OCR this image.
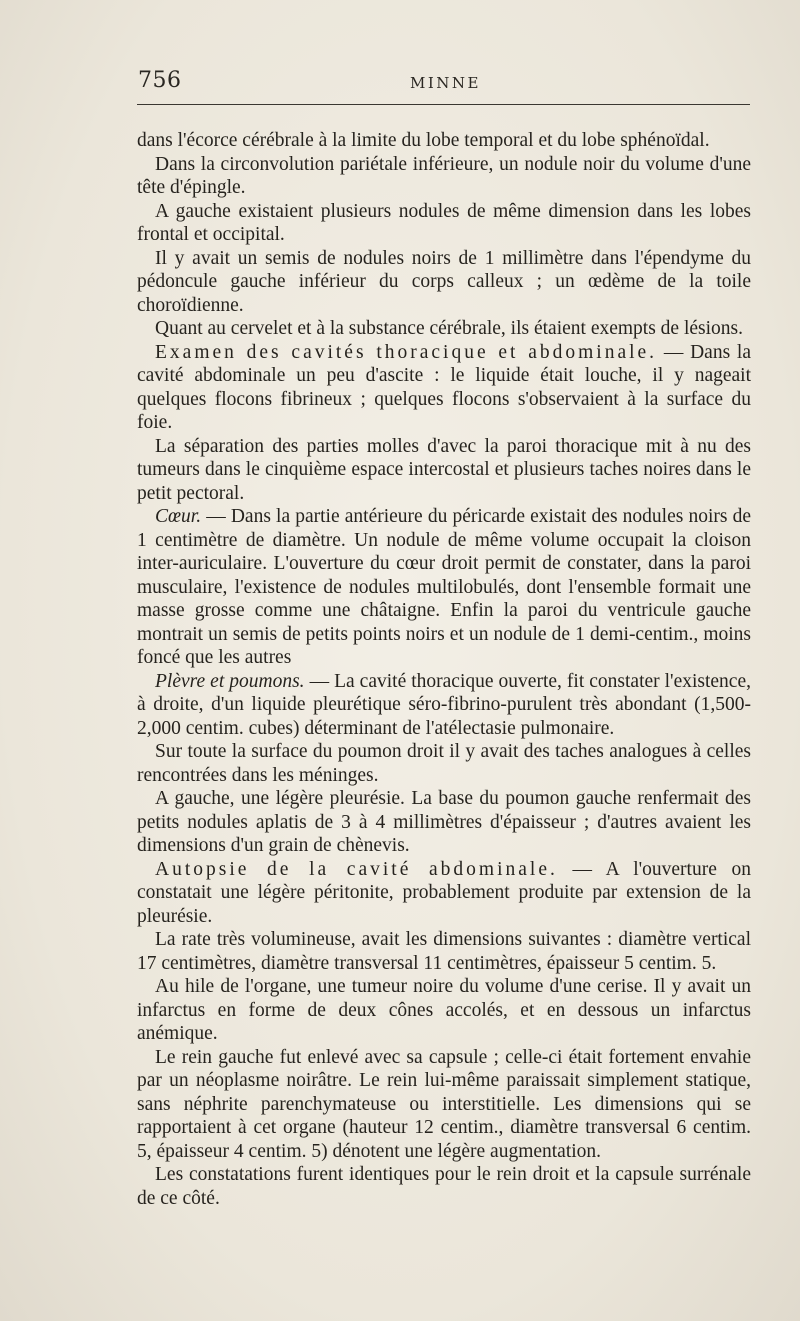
756	MINNE

dans l'écorce cérébrale à la limite du lobe temporal et du lobe sphénoïdal.

Dans la circonvolution pariétale inférieure, un nodule noir du volume d'une tête d'épingle.

A gauche existaient plusieurs nodules de même dimension dans les lobes frontal et occipital.

Il y avait un semis de nodules noirs de 1 millimètre dans l'épendyme du pédoncule gauche inférieur du corps calleux ; un œdème de la toile choroïdienne.

Quant au cervelet et à la substance cérébrale, ils étaient exempts de lésions.

Examen des cavités thoracique et abdominale. — Dans la cavité abdominale un peu d'ascite : le liquide était louche, il y nageait quelques flocons fibrineux ; quelques flocons s'observaient à la surface du foie.

La séparation des parties molles d'avec la paroi thoracique mit à nu des tumeurs dans le cinquième espace intercostal et plusieurs taches noires dans le petit pectoral.

Cœur. — Dans la partie antérieure du péricarde existait des nodules noirs de 1 centimètre de diamètre. Un nodule de même volume occupait la cloison inter-auriculaire. L'ouverture du cœur droit permit de constater, dans la paroi musculaire, l'existence de nodules multilobulés, dont l'ensemble formait une masse grosse comme une châtaigne. Enfin la paroi du ventricule gauche montrait un semis de petits points noirs et un nodule de 1 demi-centim., moins foncé que les autres

Plèvre et poumons. — La cavité thoracique ouverte, fit constater l'existence, à droite, d'un liquide pleurétique séro-fibrino-purulent très abondant (1,500-2,000 centim. cubes) déterminant de l'atélectasie pulmonaire.

Sur toute la surface du poumon droit il y avait des taches analogues à celles rencontrées dans les méninges.

A gauche, une légère pleurésie. La base du poumon gauche renfermait des petits nodules aplatis de 3 à 4 millimètres d'épaisseur ; d'autres avaient les dimensions d'un grain de chènevis.

Autopsie de la cavité abdominale. — A l'ouverture on constatait une légère péritonite, probablement produite par extension de la pleurésie.

La rate très volumineuse, avait les dimensions suivantes : diamètre vertical 17 centimètres, diamètre transversal 11 centimètres, épaisseur 5 centim. 5.

Au hile de l'organe, une tumeur noire du volume d'une cerise. Il y avait un infarctus en forme de deux cônes accolés, et en dessous un infarctus anémique.

Le rein gauche fut enlevé avec sa capsule ; celle-ci était fortement envahie par un néoplasme noirâtre. Le rein lui-même paraissait simplement statique, sans néphrite parenchymateuse ou interstitielle. Les dimensions qui se rapportaient à cet organe (hauteur 12 centim., diamètre transversal 6 centim. 5, épaisseur 4 centim. 5) dénotent une légère augmentation.

Les constatations furent identiques pour le rein droit et la capsule surrénale de ce côté.
